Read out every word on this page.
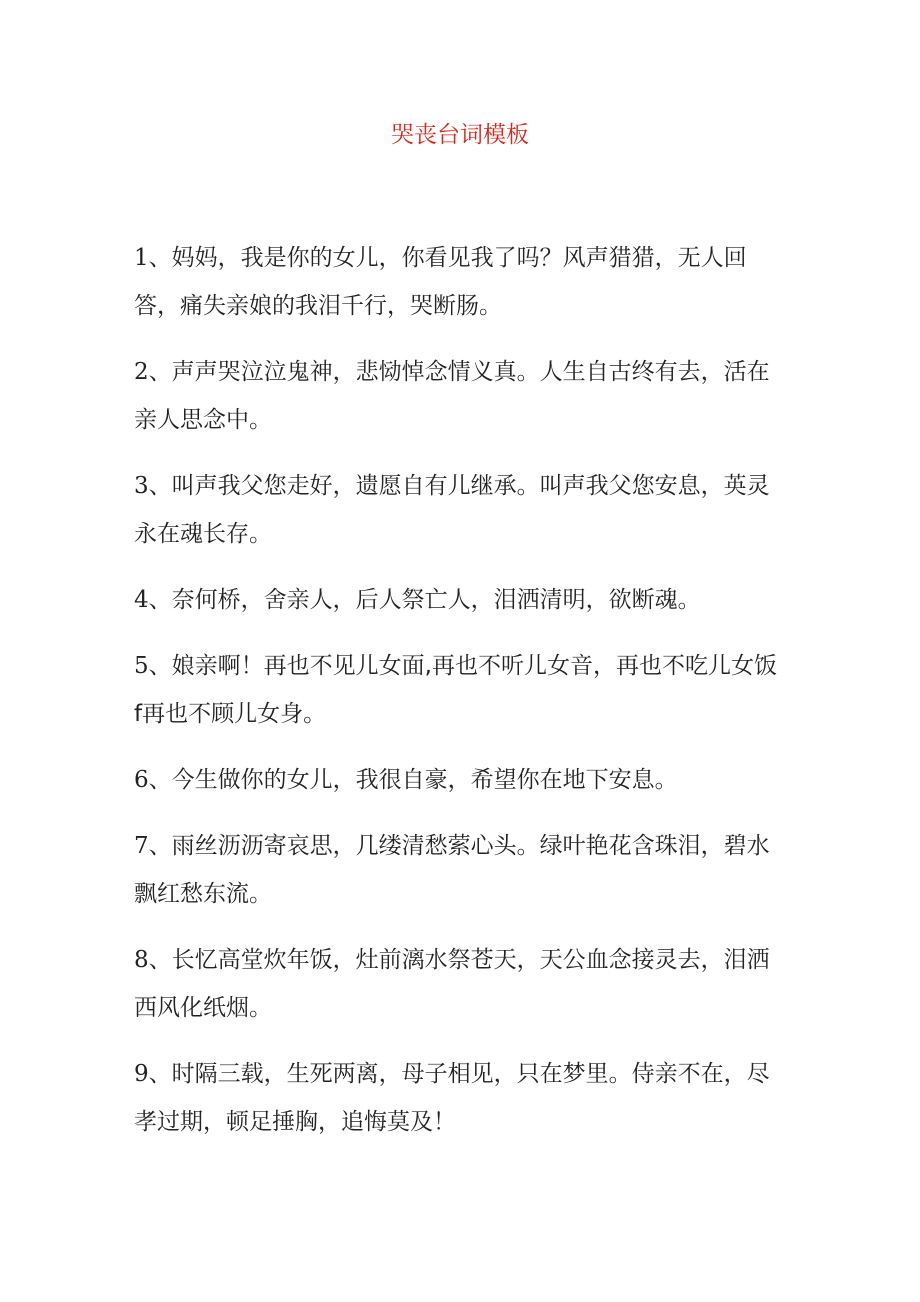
哭丧台词模板

1、妈妈，我是你的女儿，你看见我了吗？风声猎猎，无人回答，痛失亲娘的我泪千行，哭断肠。

2、声声哭泣泣鬼神，悲恸悼念情义真。人生自古终有去，活在亲人思念中。

3、叫声我父您走好，遗愿自有儿继承。叫声我父您安息，英灵永在魂长存。

4、奈何桥，舍亲人，后人祭亡人，泪洒清明，欲断魂。

5、娘亲啊！再也不见儿女面,再也不听儿女音，再也不吃儿女饭f再也不顾儿女身。

6、今生做你的女儿，我很自豪，希望你在地下安息。

7、雨丝沥沥寄哀思，几缕清愁萦心头。绿叶艳花含珠泪，碧水飘红愁东流。

8、长忆高堂炊年饭，灶前漓水祭苍天，天公血念接灵去，泪洒西风化纸烟。

9、时隔三载，生死两离，母子相见，只在梦里。侍亲不在，尽孝过期，顿足捶胸，追悔莫及！
